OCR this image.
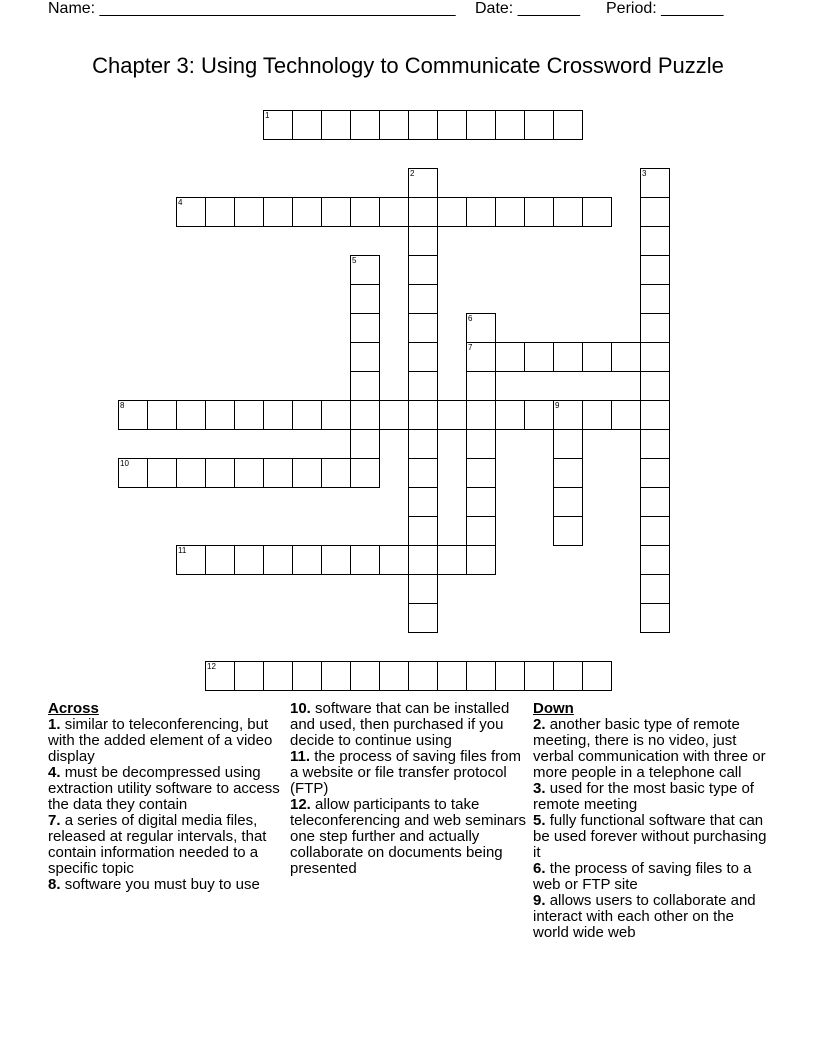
Name: ________________________________________ Date: _______ Period: _______
Chapter 3: Using Technology to Communicate Crossword Puzzle
1
2	3
4
5
6
7
8	9
10
11
12
Across
1. similar to teleconferencing, but with the added element of a video display
4. must be decompressed using extraction utility software to access the data they contain
7. a series of digital media files, released at regular intervals, that contain information needed to a specific topic
8. software you must buy to use
10. software that can be installed and used, then purchased if you decide to continue using
11. the process of saving files from a website or file transfer protocol (FTP)
12. allow participants to take teleconferencing and web seminars one step further and actually collaborate on documents being presented
Down
2. another basic type of remote meeting, there is no video, just verbal communication with three or more people in a telephone call
3. used for the most basic type of remote meeting
5. fully functional software that can be used forever without purchasing it
6. the process of saving files to a web or FTP site
9. allows users to collaborate and interact with each other on the world wide web
